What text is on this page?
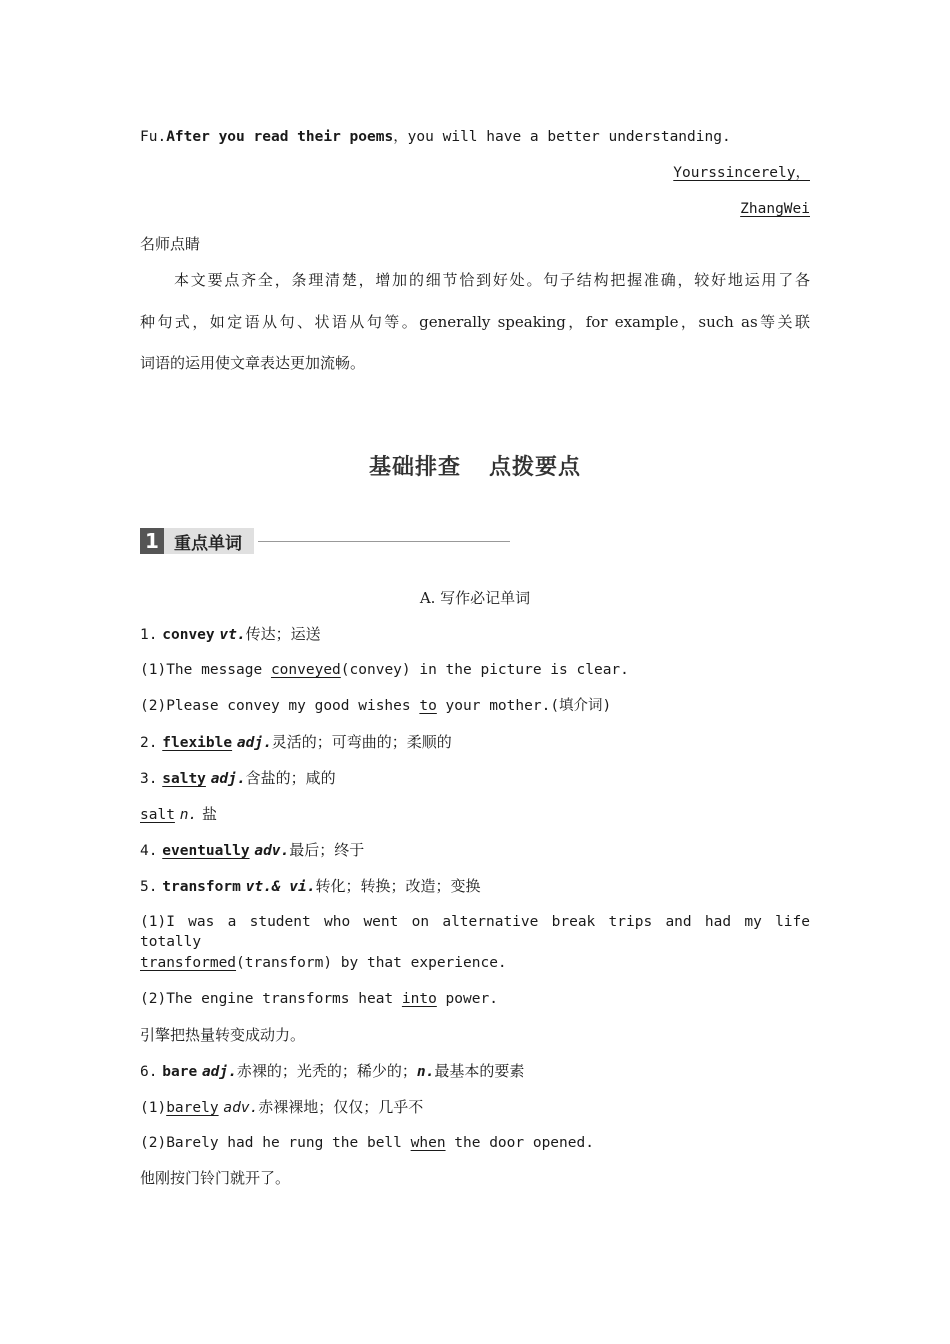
Fu.After you read their poems，you will have a better understanding.
Yourssincerely，
ZhangWei
名师点睛
本文要点齐全，条理清楚，增加的细节恰到好处。句子结构把握准确，较好地运用了各
种句式，如定语从句、状语从句等。generally speaking，for example，such as等关联
词语的运用使文章表达更加流畅。
基础排查 点拨要点
1 重点单词
A. 写作必记单词
1. convey vt.传达；运送
(1)The message conveyed(convey) in the picture is clear.
(2)Please convey my good wishes to your mother.(填介词)
2. flexible adj.灵活的；可弯曲的；柔顺的
3. salty adj.含盐的；咸的
salt n. 盐
4. eventually adv.最后；终于
5. transform vt.& vi.转化；转换；改造；变换
(1)I was a student who went on alternative break trips and had my life totally
transformed(transform) by that experience.
(2)The engine transforms heat into power.
引擎把热量转变成动力。
6. bare adj.赤裸的；光秃的；稀少的；n.最基本的要素
(1)barely adv.赤裸裸地；仅仅；几乎不
(2)Barely had he rung the bell when the door opened.
他刚按门铃门就开了。
